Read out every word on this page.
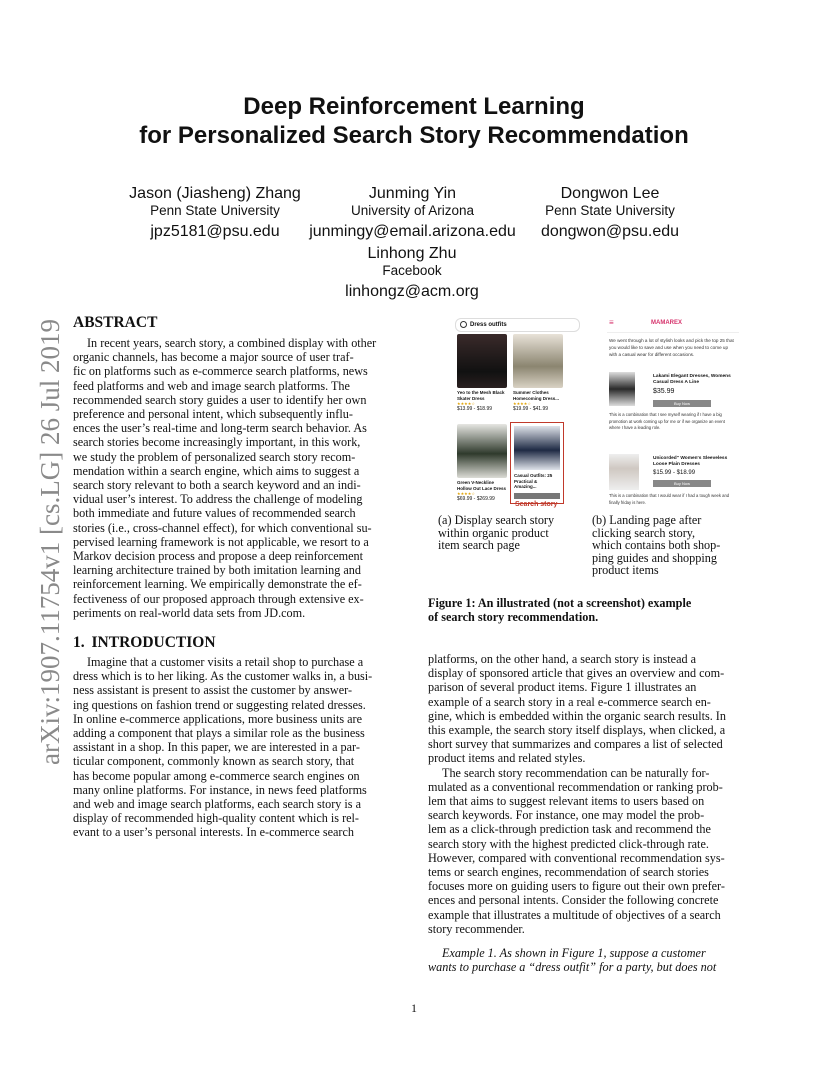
Deep Reinforcement Learning
for Personalized Search Story Recommendation
Jason (Jiasheng) Zhang
Penn State University
jpz5181@psu.edu
Junming Yin
University of Arizona
junmingy@email.arizona.edu
Dongwon Lee
Penn State University
dongwon@psu.edu
Linhong Zhu
Facebook
linhongz@acm.org
arXiv:1907.11754v1 [cs.LG] 26 Jul 2019 ABSTRACT
In recent years, search story, a combined display with other
organic channels, has become a major source of user traf-
fic on platforms such as e-commerce search platforms, news
feed platforms and web and image search platforms. The
recommended search story guides a user to identify her own
preference and personal intent, which subsequently influ-
ences the user’s real-time and long-term search behavior. As
search stories become increasingly important, in this work,
we study the problem of personalized search story recom-
mendation within a search engine, which aims to suggest a
search story relevant to both a search keyword and an indi-
vidual user’s interest. To address the challenge of modeling
both immediate and future values of recommended search
stories (i.e., cross-channel effect), for which conventional su-
pervised learning framework is not applicable, we resort to a
Markov decision process and propose a deep reinforcement
learning architecture trained by both imitation learning and
reinforcement learning. We empirically demonstrate the ef-
fectiveness of our proposed approach through extensive ex-
periments on real-world data sets from JD.com.
1. INTRODUCTION
Imagine that a customer visits a retail shop to purchase a
dress which is to her liking. As the customer walks in, a busi-
ness assistant is present to assist the customer by answer-
ing questions on fashion trend or suggesting related dresses.
In online e-commerce applications, more business units are
adding a component that plays a similar role as the business
assistant in a shop. In this paper, we are interested in a par-
ticular component, commonly known as search story, that
has become popular among e-commerce search engines on
many online platforms. For instance, in news feed platforms
and web and image search platforms, each search story is a
display of recommended high-quality content which is rel-
evant to a user’s personal interests. In e-commerce search
platforms, on the other hand, a search story is instead a
display of sponsored article that gives an overview and com-
parison of several product items. Figure 1 illustrates an
example of a search story in a real e-commerce search en-
gine, which is embedded within the organic search results. In
this example, the search story itself displays, when clicked, a
short survey that summarizes and compares a list of selected
product items and related styles.
The search story recommendation can be naturally for-
mulated as a conventional recommendation or ranking prob-
lem that aims to suggest relevant items to users based on
search keywords. For instance, one may model the prob-
lem as a click-through prediction task and recommend the
search story with the highest predicted click-through rate.
However, compared with conventional recommendation sys-
tems or search engines, recommendation of search stories
focuses more on guiding users to figure out their own prefer-
ences and personal intents. Consider the following concrete
example that illustrates a multitude of objectives of a search
story recommender.
Example 1. As shown in Figure 1, suppose a customer
wants to purchase a “dress outfit” for a party, but does not
Dress outfits
Yeo to the Mesh Black Skater Dress
★★★★☆
$13.99 - $18.99
Summer Clothes Homecoming Dress...
★★★★☆
$19.99 - $41.99
Green V-Neckline Hollow Out Lace Dress
★★★★☆
$69.99 - $269.99
Casual Outfits: 25 Practical & Amazing...
Search story
≡	MAMAREX
We went through a lot of stylish looks and pick the top 25 that you would like to save and use when you need to come up with a casual wear for different occasions.
Lakami Elegant Dresses, Womens Casual Dress A Line
$35.99
Buy Now
This is a combination that I see myself wearing if I have a big promotion at work coming up for me or if we organize an event where I have a leading role.
Unicorded" Women's Sleeveless Loose Plain Dresses
$15.99 - $18.99
Buy Now
This is a combination that I would wear if I had a tough week and finally friday is here.
(a) Display search story
within organic product
item search page
(b) Landing page after
clicking search story,
which contains both shop-
ping guides and shopping
product items
Figure 1: An illustrated (not a screenshot) example
of search story recommendation.
1
